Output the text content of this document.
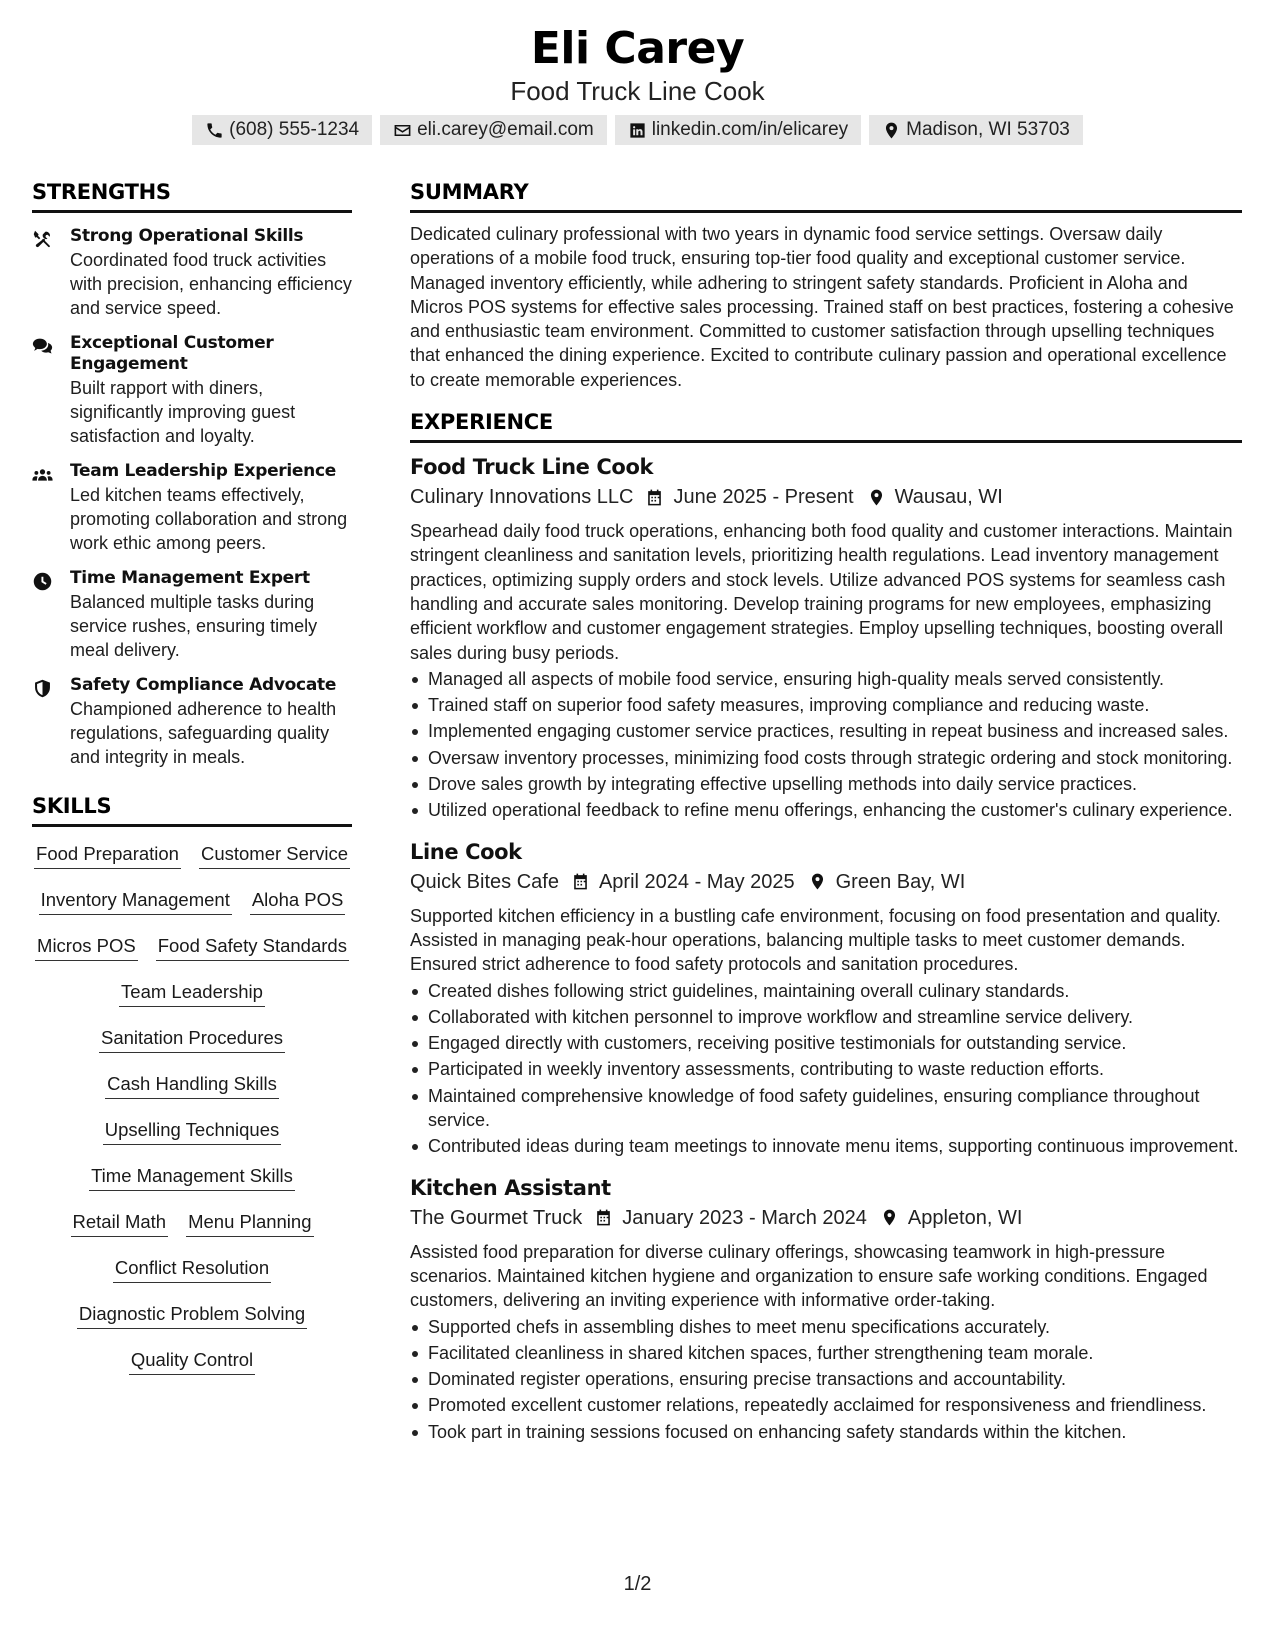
Eli Carey
Food Truck Line Cook
(608) 555-1234	eli.carey@email.com	linkedin.com/in/elicarey	Madison, WI 53703
STRENGTHS
Strong Operational Skills
Coordinated food truck activities with precision, enhancing efficiency and service speed.
Exceptional Customer Engagement
Built rapport with diners, significantly improving guest satisfaction and loyalty.
Team Leadership Experience
Led kitchen teams effectively, promoting collaboration and strong work ethic among peers.
Time Management Expert
Balanced multiple tasks during service rushes, ensuring timely meal delivery.
Safety Compliance Advocate
Championed adherence to health regulations, safeguarding quality and integrity in meals.
SKILLS
Food Preparation Customer Service
Inventory Management Aloha POS
Micros POS Food Safety Standards
Team Leadership
Sanitation Procedures
Cash Handling Skills
Upselling Techniques
Time Management Skills
Retail Math Menu Planning
Conflict Resolution
Diagnostic Problem Solving
Quality Control
SUMMARY
Dedicated culinary professional with two years in dynamic food service settings. Oversaw daily operations of a mobile food truck, ensuring top-tier food quality and exceptional customer service. Managed inventory efficiently, while adhering to stringent safety standards. Proficient in Aloha and Micros POS systems for effective sales processing. Trained staff on best practices, fostering a cohesive and enthusiastic team environment. Committed to customer satisfaction through upselling techniques that enhanced the dining experience. Excited to contribute culinary passion and operational excellence to create memorable experiences.
EXPERIENCE
Food Truck Line Cook
Culinary Innovations LLC June 2025 - Present Wausau, WI
Spearhead daily food truck operations, enhancing both food quality and customer interactions. Maintain stringent cleanliness and sanitation levels, prioritizing health regulations. Lead inventory management practices, optimizing supply orders and stock levels. Utilize advanced POS systems for seamless cash handling and accurate sales monitoring. Develop training programs for new employees, emphasizing efficient workflow and customer engagement strategies. Employ upselling techniques, boosting overall sales during busy periods.
Managed all aspects of mobile food service, ensuring high-quality meals served consistently.
Trained staff on superior food safety measures, improving compliance and reducing waste.
Implemented engaging customer service practices, resulting in repeat business and increased sales.
Oversaw inventory processes, minimizing food costs through strategic ordering and stock monitoring.
Drove sales growth by integrating effective upselling methods into daily service practices.
Utilized operational feedback to refine menu offerings, enhancing the customer's culinary experience.
Line Cook
Quick Bites Cafe April 2024 - May 2025 Green Bay, WI
Supported kitchen efficiency in a bustling cafe environment, focusing on food presentation and quality. Assisted in managing peak-hour operations, balancing multiple tasks to meet customer demands. Ensured strict adherence to food safety protocols and sanitation procedures.
Created dishes following strict guidelines, maintaining overall culinary standards.
Collaborated with kitchen personnel to improve workflow and streamline service delivery.
Engaged directly with customers, receiving positive testimonials for outstanding service.
Participated in weekly inventory assessments, contributing to waste reduction efforts.
Maintained comprehensive knowledge of food safety guidelines, ensuring compliance throughout service.
Contributed ideas during team meetings to innovate menu items, supporting continuous improvement.
Kitchen Assistant
The Gourmet Truck January 2023 - March 2024 Appleton, WI
Assisted food preparation for diverse culinary offerings, showcasing teamwork in high-pressure scenarios. Maintained kitchen hygiene and organization to ensure safe working conditions. Engaged customers, delivering an inviting experience with informative order-taking.
Supported chefs in assembling dishes to meet menu specifications accurately.
Facilitated cleanliness in shared kitchen spaces, further strengthening team morale.
Dominated register operations, ensuring precise transactions and accountability.
Promoted excellent customer relations, repeatedly acclaimed for responsiveness and friendliness.
Took part in training sessions focused on enhancing safety standards within the kitchen.
1/2
